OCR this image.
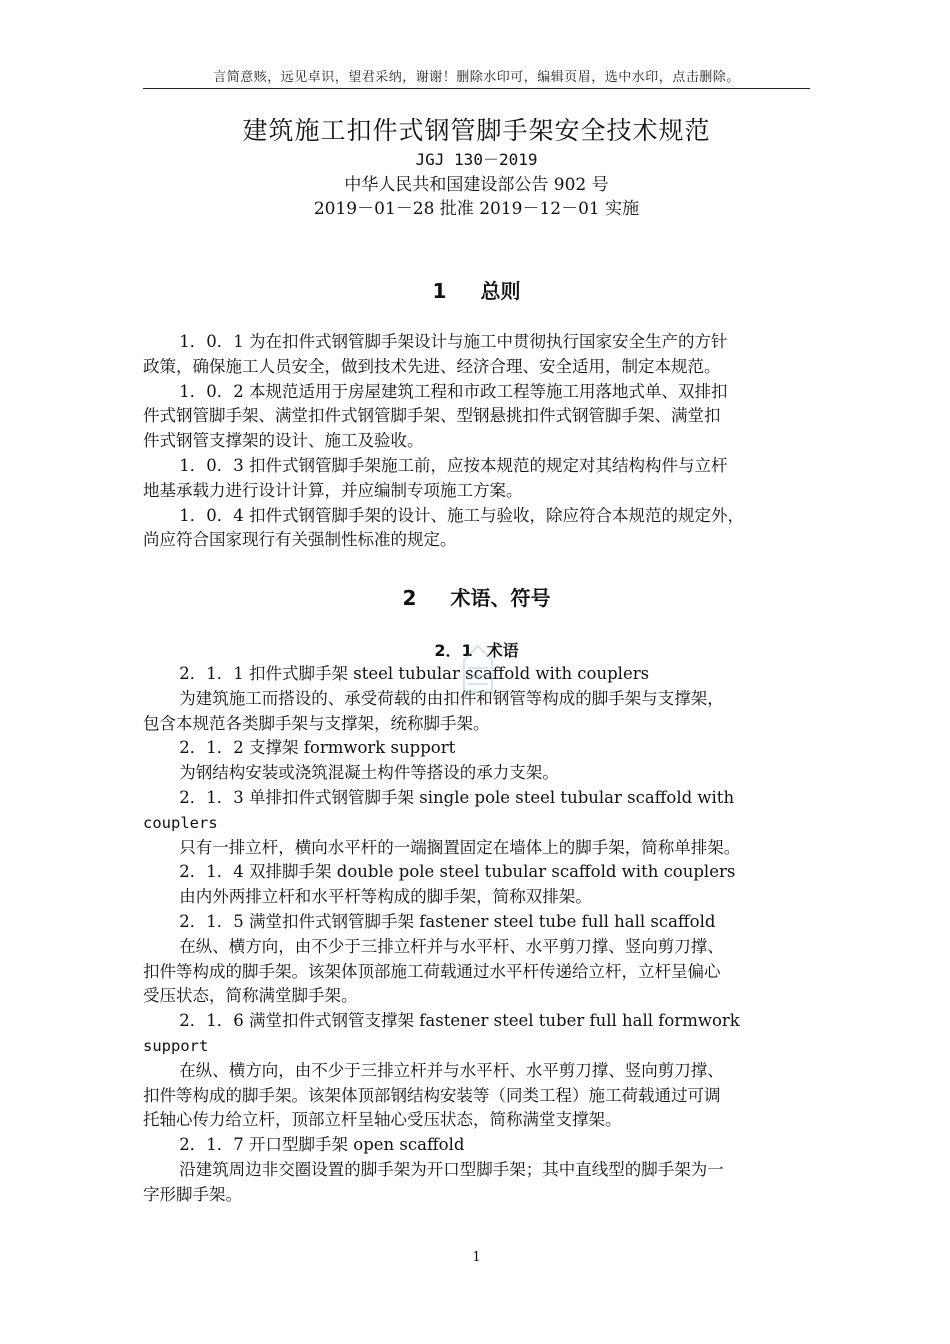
言简意赅，远见卓识，望君采纳，谢谢！删除水印可，编辑页眉，选中水印，点击删除。
建筑施工扣件式钢管脚手架安全技术规范

JGJ 130－2019

中华人民共和国建设部公告 902 号

2019－01－28 批准 2019－12－01 实施

1 总则

1．0．1 为在扣件式钢管脚手架设计与施工中贯彻执行国家安全生产的方针
政策，确保施工人员安全，做到技术先进、经济合理、安全适用，制定本规范。

1．0．2 本规范适用于房屋建筑工程和市政工程等施工用落地式单、双排扣
件式钢管脚手架、满堂扣件式钢管脚手架、型钢悬挑扣件式钢管脚手架、满堂扣
件式钢管支撑架的设计、施工及验收。

1．0．3 扣件式钢管脚手架施工前，应按本规范的规定对其结构构件与立杆
地基承载力进行设计计算，并应编制专项施工方案。

1．0．4 扣件式钢管脚手架的设计、施工与验收，除应符合本规范的规定外，
尚应符合国家现行有关强制性标准的规定。

2 术语、符号
2．1 术语

2．1．1 扣件式脚手架 steel tubular scaffold with couplers

为建筑施工而搭设的、承受荷载的由扣件和钢管等构成的脚手架与支撑架，
包含本规范各类脚手架与支撑架，统称脚手架。

2．1．2 支撑架 formwork support

为钢结构安装或浇筑混凝土构件等搭设的承力支架。

2．1．3 单排扣件式钢管脚手架 single pole steel tubular scaffold with
couplers

只有一排立杆，横向水平杆的一端搁置固定在墙体上的脚手架，简称单排架。

2．1．4 双排脚手架 double pole steel tubular scaffold with couplers

由内外两排立杆和水平杆等构成的脚手架，简称双排架。

2．1．5 满堂扣件式钢管脚手架 fastener steel tube full hall scaffold

在纵、横方向，由不少于三排立杆并与水平杆、水平剪刀撑、竖向剪刀撑、
扣件等构成的脚手架。该架体顶部施工荷载通过水平杆传递给立杆，立杆呈偏心
受压状态，简称满堂脚手架。

2．1．6 满堂扣件式钢管支撑架 fastener steel tuber full hall formwork
support

在纵、横方向，由不少于三排立杆并与水平杆、水平剪刀撑、竖向剪刀撑、
扣件等构成的脚手架。该架体顶部钢结构安装等（同类工程）施工荷载通过可调
托轴心传力给立杆，顶部立杆呈轴心受压状态，简称满堂支撑架。

2．1．7 开口型脚手架 open scaffold

沿建筑周边非交圈设置的脚手架为开口型脚手架；其中直线型的脚手架为一
字形脚手架。

1
